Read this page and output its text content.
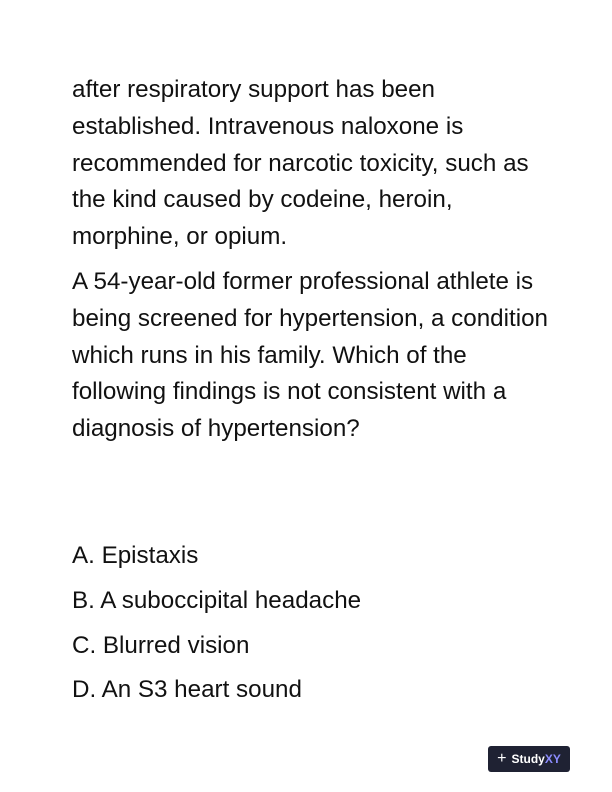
after respiratory support has been established. Intravenous naloxone is recommended for narcotic toxicity, such as the kind caused by codeine, heroin, morphine, or opium.

A 54-year-old former professional athlete is being screened for hypertension, a condition which runs in his family. Which of the following findings is not consistent with a diagnosis of hypertension?

A. Epistaxis

B. A suboccipital headache

C. Blurred vision

D. An S3 heart sound

+ StudyXY
